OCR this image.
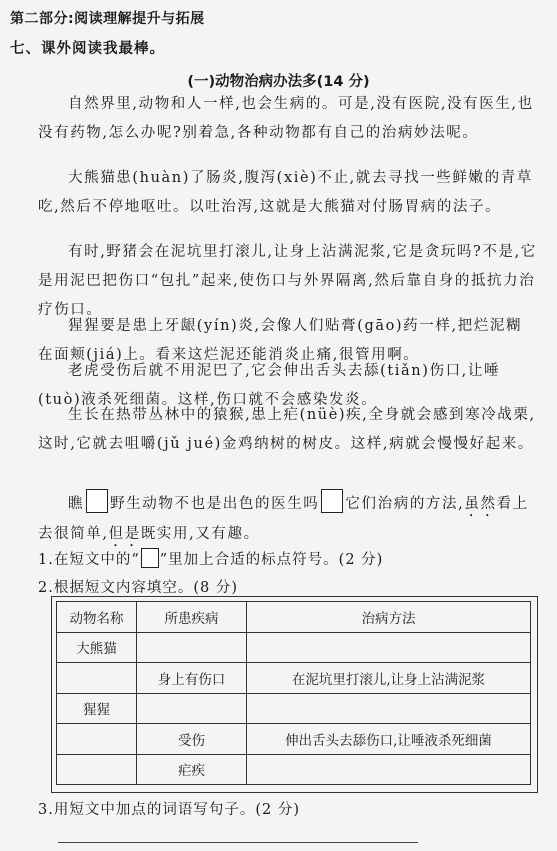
第二部分:阅读理解提升与拓展
七、课外阅读我最棒。
(一)动物治病办法多(14 分)
自然界里,动物和人一样,也会生病的。可是,没有医院,没有医生,也没有药物,怎么办呢?别着急,各种动物都有自己的治病妙法呢。
大熊猫患(huàn)了肠炎,腹泻(xiè)不止,就去寻找一些鲜嫩的青草吃,然后不停地呕吐。以吐治泻,这就是大熊猫对付肠胃病的法子。
有时,野猪会在泥坑里打滚儿,让身上沾满泥浆,它是贪玩吗?不是,它是用泥巴把伤口“包扎”起来,使伤口与外界隔离,然后靠自身的抵抗力治疗伤口。
猩猩要是患上牙龈(yín)炎,会像人们贴膏(gāo)药一样,把烂泥糊在面颊(jiá)上。看来这烂泥还能消炎止痛,很管用啊。
老虎受伤后就不用泥巴了,它会伸出舌头去舔(tiǎn)伤口,让唾(tuò)液杀死细菌。这样,伤口就不会感染发炎。
生长在热带丛林中的猿猴,患上疟(nüè)疾,全身就会感到寒冷战栗,这时,它就去咀嚼(jǔ jué)金鸡纳树的树皮。这样,病就会慢慢好起来。
瞧 野生动物不也是出色的医生吗 它们治病的方法,虽然看上去很简单,但是既实用,又有趣。
1.在短文中的“ ”里加上合适的标点符号。(2 分)
2.根据短文内容填空。(8 分)
动物名称	所患疾病	治病方法
大熊猫		
	身上有伤口	在泥坑里打滚儿,让身上沾满泥浆
猩猩		
	受伤	伸出舌头去舔伤口,让唾液杀死细菌
	疟疾	
3.用短文中加点的词语写句子。(2 分)
